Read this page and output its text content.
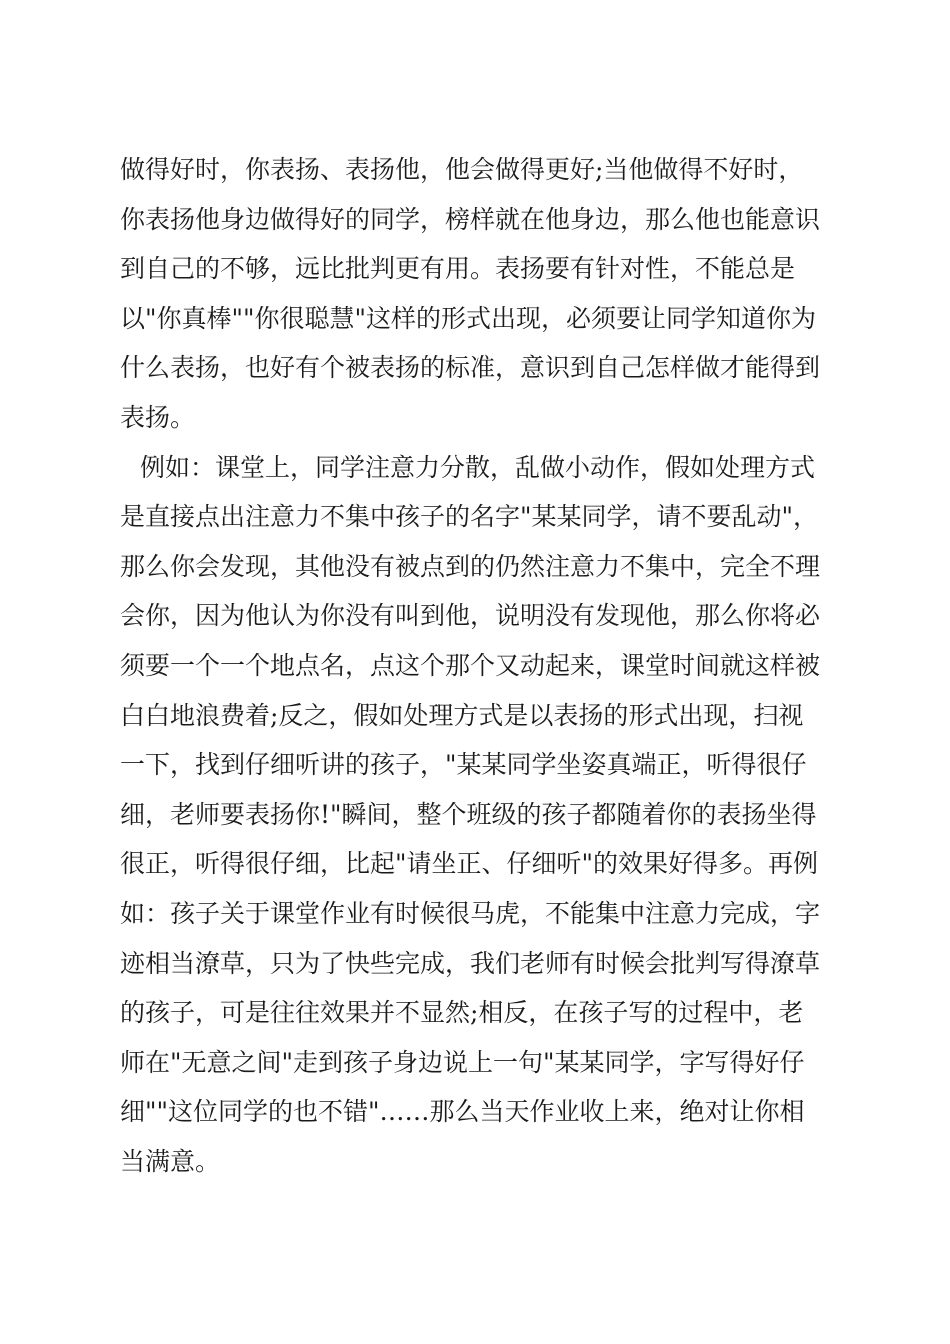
做得好时，你表扬、表扬他，他会做得更好;当他做得不好时，
你表扬他身边做得好的同学，榜样就在他身边，那么他也能意识
到自己的不够，远比批判更有用。表扬要有针对性，不能总是
以"你真棒""你很聪慧"这样的形式出现，必须要让同学知道你为
什么表扬，也好有个被表扬的标准，意识到自己怎样做才能得到
表扬。
例如：课堂上，同学注意力分散，乱做小动作，假如处理方式
是直接点出注意力不集中孩子的名字"某某同学，请不要乱动"，
那么你会发现，其他没有被点到的仍然注意力不集中，完全不理
会你，因为他认为你没有叫到他，说明没有发现他，那么你将必
须要一个一个地点名，点这个那个又动起来，课堂时间就这样被
白白地浪费着;反之，假如处理方式是以表扬的形式出现，扫视
一下，找到仔细听讲的孩子，"某某同学坐姿真端正，听得很仔
细，老师要表扬你!"瞬间，整个班级的孩子都随着你的表扬坐得
很正，听得很仔细，比起"请坐正、仔细听"的效果好得多。再例
如：孩子关于课堂作业有时候很马虎，不能集中注意力完成，字
迹相当潦草，只为了快些完成，我们老师有时候会批判写得潦草
的孩子，可是往往效果并不显然;相反，在孩子写的过程中，老
师在"无意之间"走到孩子身边说上一句"某某同学，字写得好仔
细""这位同学的也不错"……那么当天作业收上来，绝对让你相
当满意。
